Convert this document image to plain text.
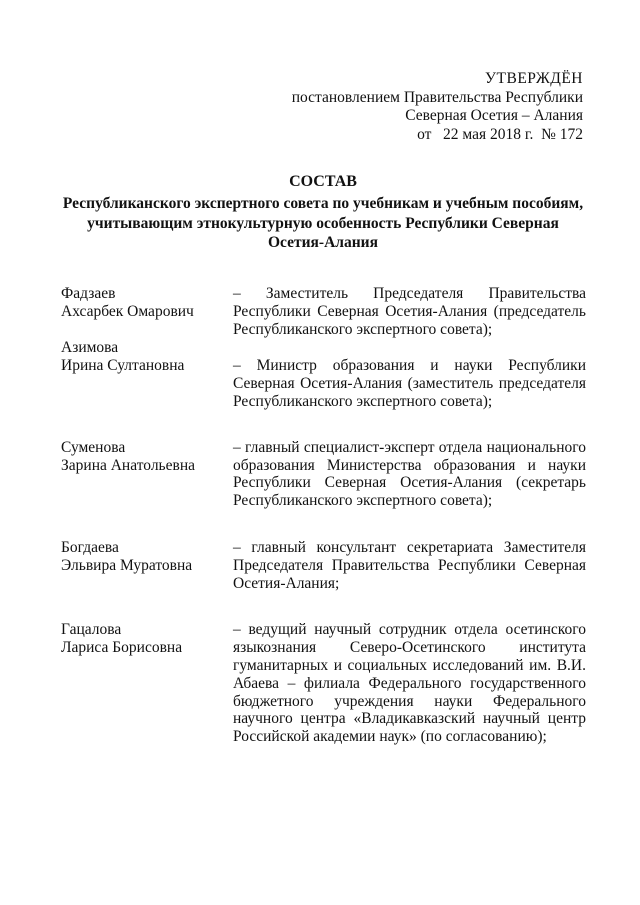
УТВЕРЖДЁН
постановлением Правительства Республики
Северная Осетия – Алания
от   22 мая 2018 г.  № 172
СОСТАВ
Республиканского экспертного совета по учебникам и учебным пособиям, учитывающим этнокультурную особенность Республики Северная Осетия-Алания
Фадзаев
Ахсарбек Омарович
– Заместитель Председателя Правительства Республики Северная Осетия-Алания (председатель Республиканского экспертного совета);
Азимова
Ирина Султановна	– Министр образования и науки Республики Северная Осетия-Алания (заместитель председателя Республиканского экспертного совета);
Суменова
Зарина Анатольевна
– главный специалист-эксперт отдела национального образования Министерства образования и науки Республики Северная Осетия-Алания (секретарь Республиканского экспертного совета);
Богдаева
Эльвира Муратовна
– главный консультант секретариата Заместителя Председателя Правительства Республики Северная Осетия-Алания;
Гацалова
Лариса Борисовна
– ведущий научный сотрудник отдела осетинского языкознания Северо-Осетинского института гуманитарных и социальных исследований им. В.И. Абаева – филиала Федерального государственного бюджетного учреждения науки Федерального научного центра «Владикавказский научный центр Российской академии наук» (по согласованию);
